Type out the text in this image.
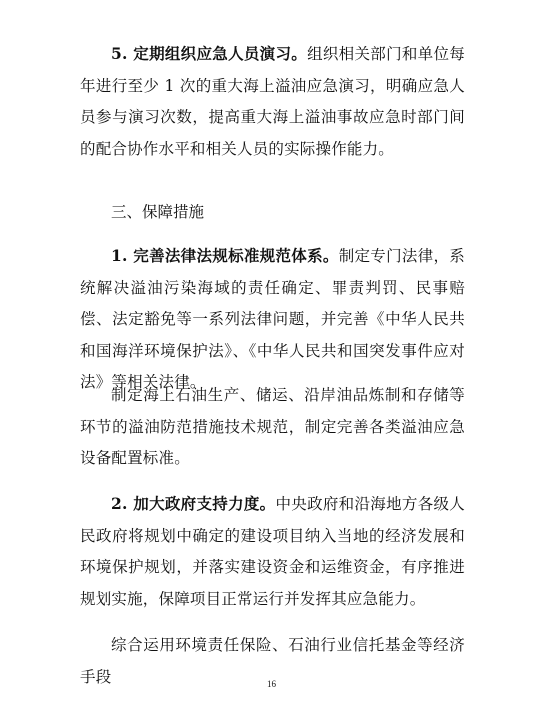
5. 定期组织应急人员演习。组织相关部门和单位每年进行至少 1 次的重大海上溢油应急演习，明确应急人员参与演习次数，提高重大海上溢油事故应急时部门间的配合协作水平和相关人员的实际操作能力。

三、保障措施

1. 完善法律法规标准规范体系。制定专门法律，系统解决溢油污染海域的责任确定、罪责判罚、民事赔偿、法定豁免等一系列法律问题，并完善《中华人民共和国海洋环境保护法》、《中华人民共和国突发事件应对法》等相关法律。

制定海上石油生产、储运、沿岸油品炼制和存储等环节的溢油防范措施技术规范，制定完善各类溢油应急设备配置标准。

2. 加大政府支持力度。中央政府和沿海地方各级人民政府将规划中确定的建设项目纳入当地的经济发展和环境保护规划，并落实建设资金和运维资金，有序推进规划实施，保障项目正常运行并发挥其应急能力。

综合运用环境责任保险、石油行业信托基金等经济手段	16
